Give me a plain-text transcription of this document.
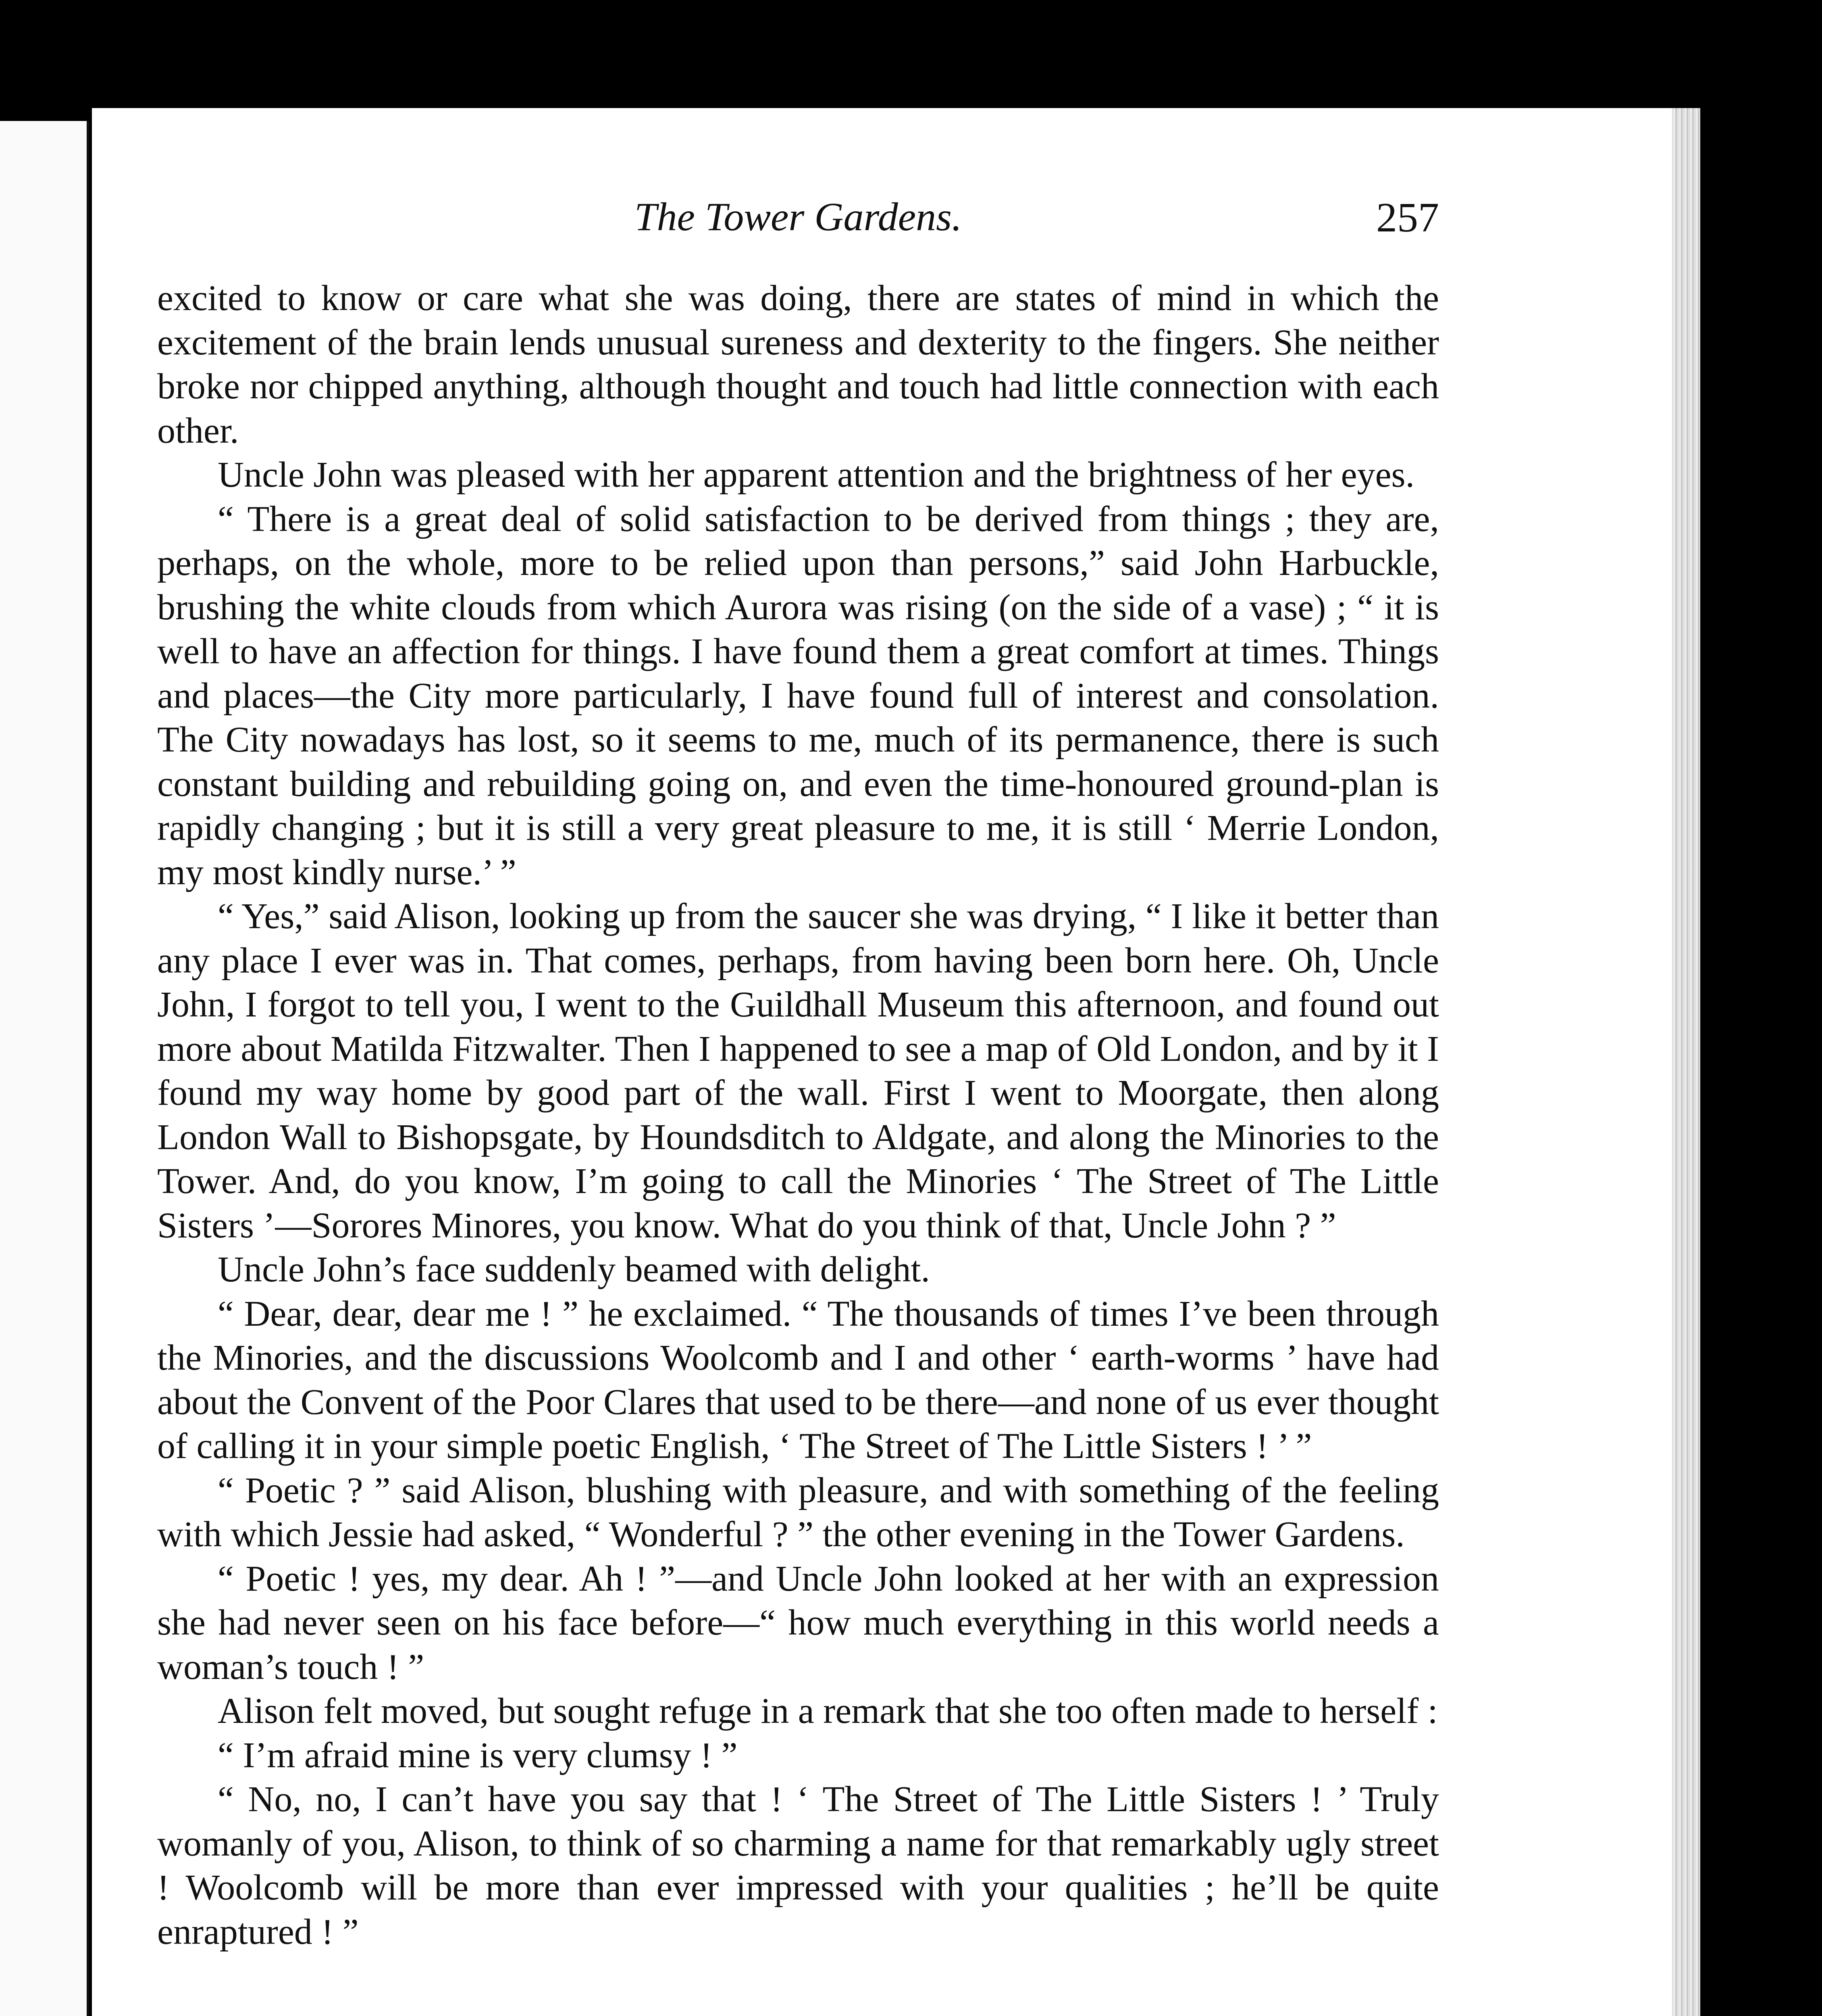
The Tower Gardens.	257

excited to know or care what she was doing, there are states of mind in which the excitement of the brain lends unusual sureness and dexterity to the fingers. She neither broke nor chipped anything, although thought and touch had little connection with each other.

Uncle John was pleased with her apparent attention and the brightness of her eyes.

“ There is a great deal of solid satisfaction to be derived from things ; they are, perhaps, on the whole, more to be relied upon than persons,” said John Harbuckle, brushing the white clouds from which Aurora was rising (on the side of a vase) ; “ it is well to have an affection for things. I have found them a great comfort at times. Things and places—the City more particularly, I have found full of interest and consolation. The City nowadays has lost, so it seems to me, much of its permanence, there is such constant building and rebuilding going on, and even the time-honoured ground-plan is rapidly changing ; but it is still a very great pleasure to me, it is still ‘ Merrie London, my most kindly nurse.’ ”

“ Yes,” said Alison, looking up from the saucer she was drying, “ I like it better than any place I ever was in. That comes, perhaps, from having been born here. Oh, Uncle John, I forgot to tell you, I went to the Guildhall Museum this afternoon, and found out more about Matilda Fitzwalter. Then I happened to see a map of Old London, and by it I found my way home by good part of the wall. First I went to Moorgate, then along London Wall to Bishopsgate, by Houndsditch to Aldgate, and along the Minories to the Tower. And, do you know, I’m going to call the Minories ‘ The Street of The Little Sisters ’—Sorores Minores, you know. What do you think of that, Uncle John ? ”

Uncle John’s face suddenly beamed with delight.

“ Dear, dear, dear me ! ” he exclaimed. “ The thousands of times I’ve been through the Minories, and the discussions Woolcomb and I and other ‘ earth-worms ’ have had about the Convent of the Poor Clares that used to be there—and none of us ever thought of calling it in your simple poetic English, ‘ The Street of The Little Sisters ! ’ ”

“ Poetic ? ” said Alison, blushing with pleasure, and with something of the feeling with which Jessie had asked, “ Wonderful ? ” the other evening in the Tower Gardens.

“ Poetic ! yes, my dear. Ah ! ”—and Uncle John looked at her with an expression she had never seen on his face before—“ how much everything in this world needs a woman’s touch ! ”

Alison felt moved, but sought refuge in a remark that she too often made to herself :

“ I’m afraid mine is very clumsy ! ”

“ No, no, I can’t have you say that ! ‘ The Street of The Little Sisters ! ’ Truly womanly of you, Alison, to think of so charming a name for that remarkably ugly street ! Woolcomb will be more than ever impressed with your qualities ; he’ll be quite enraptured ! ”
